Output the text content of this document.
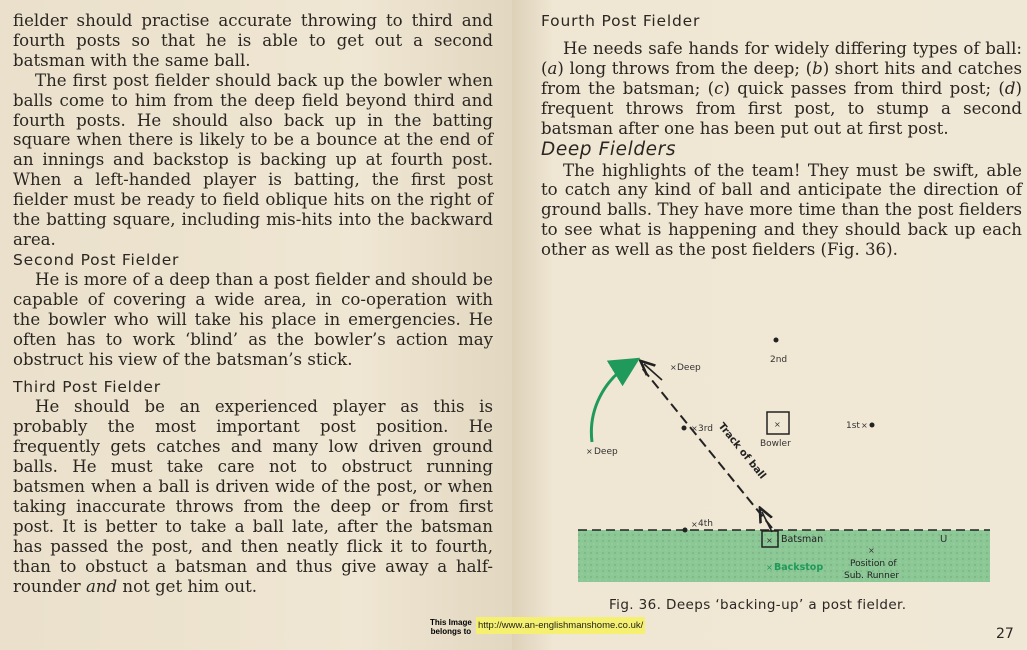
fielder should practise accurate throwing to third and fourth posts so that he is able to get out a second batsman with the same ball.

The first post fielder should back up the bowler when balls come to him from the deep field beyond third and fourth posts. He should also back up in the batting square when there is likely to be a bounce at the end of an innings and backstop is backing up at fourth post. When a left-handed player is batting, the first post fielder must be ready to field oblique hits on the right of the batting square, including mis-hits into the backward area.

Second Post Fielder

He is more of a deep than a post fielder and should be capable of covering a wide area, in co-operation with the bowler who will take his place in emergencies. He often has to work ‘blind’ as the bowler’s action may obstruct his view of the batsman’s stick.

Third Post Fielder

He should be an experienced player as this is probably the most important post position. He frequently gets catches and many low driven ground balls. He must take care not to obstruct running batsmen when a ball is driven wide of the post, or when taking inaccurate throws from the deep or from first post. It is better to take a ball late, after the batsman has passed the post, and then neatly flick it to fourth, than to obstuct a batsman and thus give away a half-rounder and not get him out.

Fourth Post Fielder

He needs safe hands for widely differing types of ball: (a) long throws from the deep; (b) short hits and catches from the batsman; (c) quick passes from third post; (d) frequent throws from first post, to stump a second batsman after one has been put out at first post.

Deep Fielders

The highlights of the team! They must be swift, able to catch any kind of ball and anticipate the direction of ground balls. They have more time than the post fielders to see what is happening and they should back up each other as well as the post fielders (Fig. 36).

Track of ball
2nd
Deep
×
× 3rd
× Deep
×
Bowler
1st ×
× 4th
× Batsman	U
×
Position of
Sub. Runner
× Backstop
Fig. 36. Deeps ‘backing-up’ a post fielder.
27
This Image
belongs to
http://www.an-englishmanshome.co.uk/
